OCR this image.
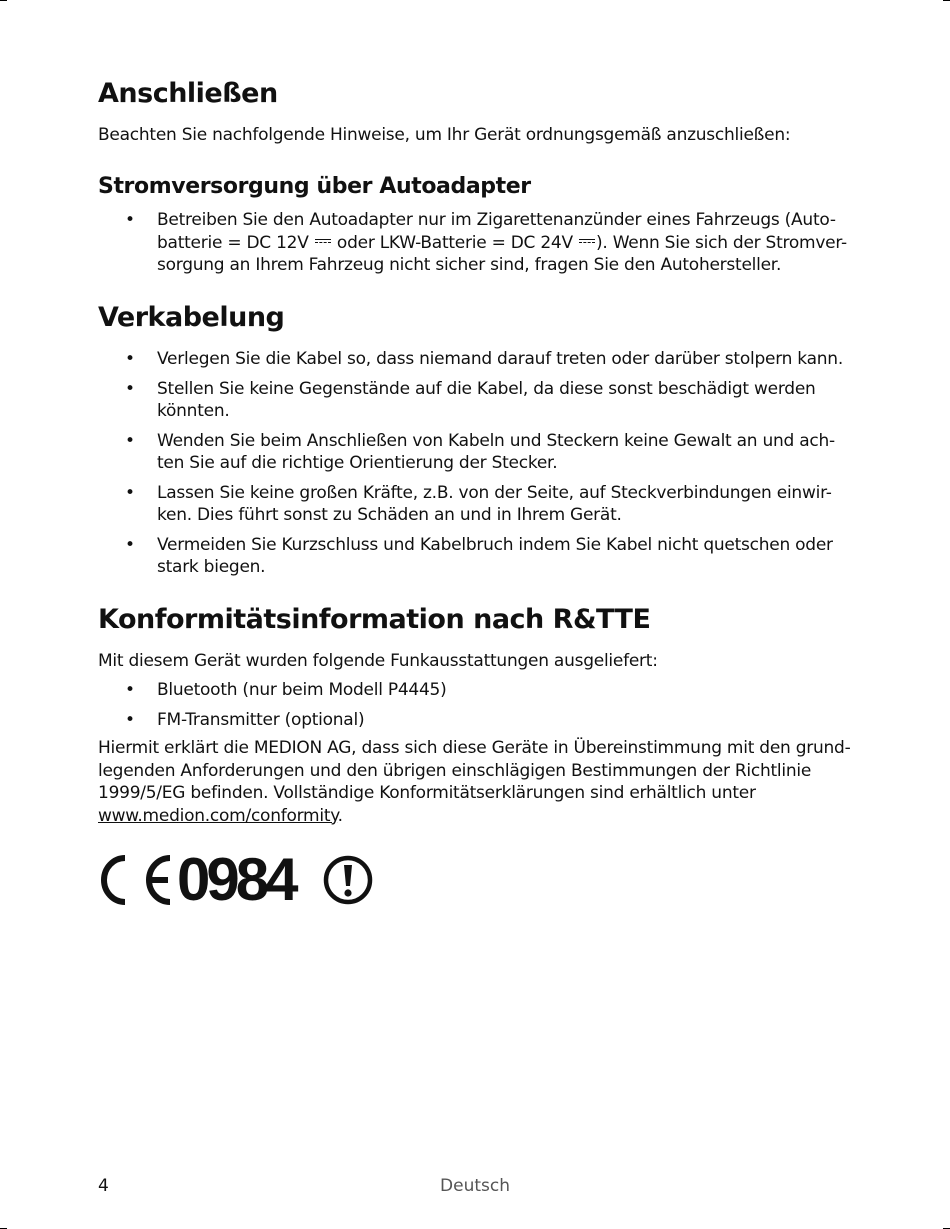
Anschließen

Beachten Sie nachfolgende Hinweise, um Ihr Gerät ordnungsgemäß anzuschließen:

Stromversorgung über Autoadapter
• Betreiben Sie den Autoadapter nur im Zigarettenanzünder eines Fahrzeugs (Auto-batterie = DC 12V oder LKW-Batterie = DC 24V ). Wenn Sie sich der Stromver-sorgung an Ihrem Fahrzeug nicht sicher sind, fragen Sie den Autohersteller.
Verkabelung
• Verlegen Sie die Kabel so, dass niemand darauf treten oder darüber stolpern kann.
• Stellen Sie keine Gegenstände auf die Kabel, da diese sonst beschädigt werden könnten.
• Wenden Sie beim Anschließen von Kabeln und Steckern keine Gewalt an und ach-ten Sie auf die richtige Orientierung der Stecker.
• Lassen Sie keine großen Kräfte, z.B. von der Seite, auf Steckverbindungen einwir-ken. Dies führt sonst zu Schäden an und in Ihrem Gerät.
• Vermeiden Sie Kurzschluss und Kabelbruch indem Sie Kabel nicht quetschen oder stark biegen.
Konformitätsinformation nach R&TTE

Mit diesem Gerät wurden folgende Funkausstattungen ausgeliefert:

• Bluetooth (nur beim Modell P4445)
• FM-Transmitter (optional)

Hiermit erklärt die MEDION AG, dass sich diese Geräte in Übereinstimmung mit den grund-legenden Anforderungen und den übrigen einschlägigen Bestimmungen der Richtlinie 1999/5/EG befinden. Vollständige Konformitätserklärungen sind erhältlich unter www.medion.com/conformity.

0984
4	Deutsch
